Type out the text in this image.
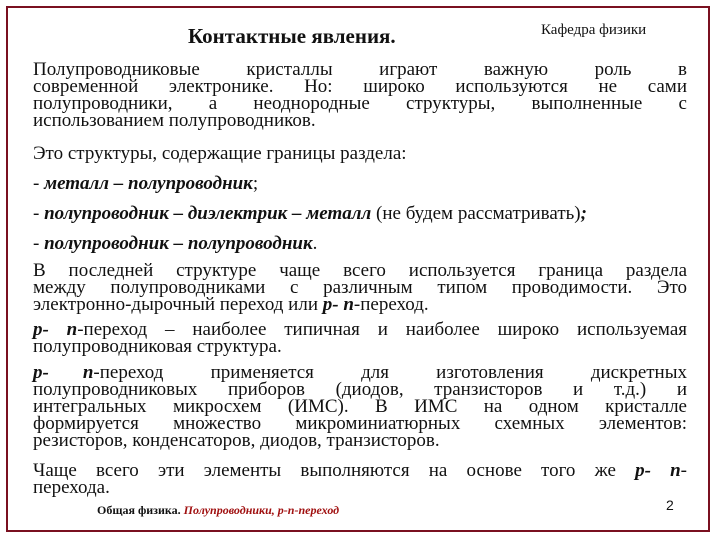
Контактные явления.	Кафедра физики
Полупроводниковые кристаллы играют важную роль в
современной электронике. Но: широко используются не сами
полупроводники, а неоднородные структуры, выполненные с
использованием полупроводников.
Это структуры, содержащие границы раздела:
- металл – полупроводник;
- полупроводник – диэлектрик – металл (не будем рассматривать);
- полупроводник – полупроводник.
В последней структуре чаще всего используется граница раздела
между полупроводниками с различным типом проводимости. Это
электронно-дырочный переход или p- n-переход.
p- n-переход – наиболее типичная и наиболее широко используемая
полупроводниковая структура.
p- n -переход применяется для изготовления дискретных
полупроводниковых приборов (диодов, транзисторов и т.д.) и
интегральных микросхем (ИМС). В ИМС на одном кристалле
формируется множество микроминиатюрных схемных элементов:
резисторов, конденсаторов, диодов, транзисторов.
Чаще всего эти элементы выполняются на основе того же p- n-
перехода.
Общая физика. Полупроводники, p-n-переход	2
